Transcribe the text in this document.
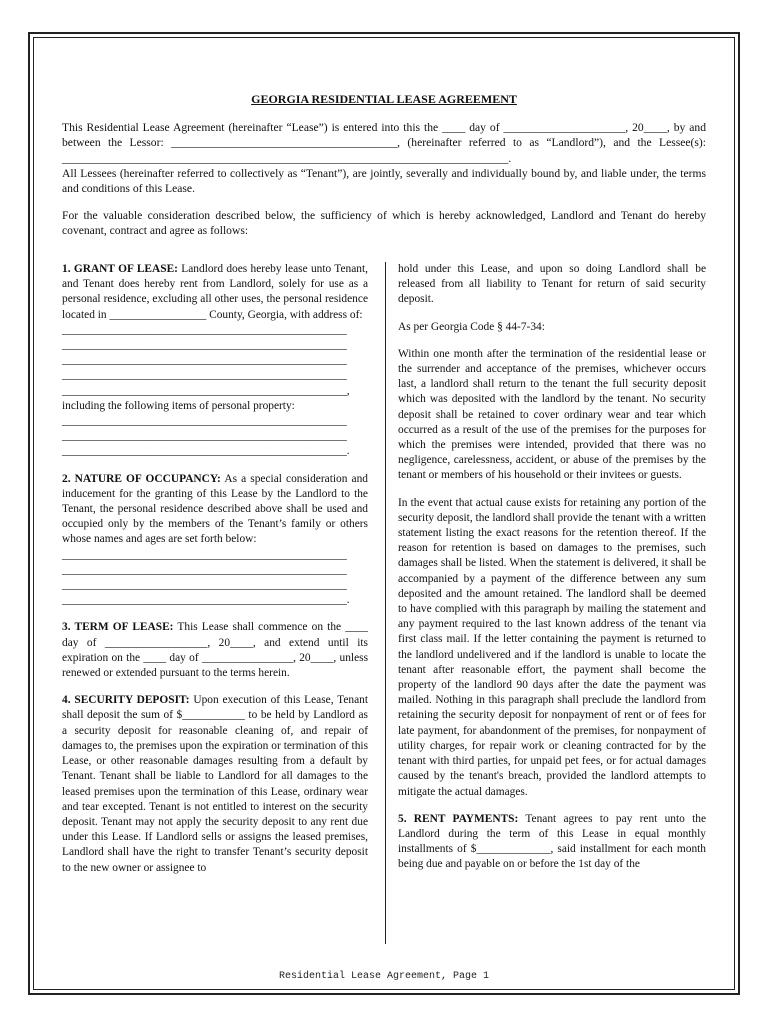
GEORGIA RESIDENTIAL LEASE AGREEMENT

This Residential Lease Agreement (hereinafter “Lease”) is entered into this the ____ day of _____________________, 20____, by and between the Lessor: _______________________________________, (hereinafter referred to as “Landlord”), and the Lessee(s): _____________________________________________________________________________.

All Lessees (hereinafter referred to collectively as “Tenant”), are jointly, severally and individually bound by, and liable under, the terms and conditions of this Lease.

For the valuable consideration described below, the sufficiency of which is hereby acknowledged, Landlord and Tenant do hereby covenant, contract and agree as follows:

1. GRANT OF LEASE: Landlord does hereby lease unto Tenant, and Tenant does hereby rent from Landlord, solely for use as a personal residence, excluding all other uses, the personal residence located in _________________ County, Georgia, with address of:
__________________________________________________
__________________________________________________
__________________________________________________
__________________________________________________
__________________________________________________,
including the following items of personal property:
__________________________________________________
__________________________________________________
__________________________________________________.

2. NATURE OF OCCUPANCY: As a special consideration and inducement for the granting of this Lease by the Landlord to the Tenant, the personal residence described above shall be used and occupied only by the members of the Tenant’s family or others whose names and ages are set forth below:
__________________________________________________
__________________________________________________
__________________________________________________
__________________________________________________.

3. TERM OF LEASE: This Lease shall commence on the ____ day of __________________, 20____, and extend until its expiration on the ____ day of ________________, 20____, unless renewed or extended pursuant to the terms herein.

4. SECURITY DEPOSIT: Upon execution of this Lease, Tenant shall deposit the sum of $___________ to be held by Landlord as a security deposit for reasonable cleaning of, and repair of damages to, the premises upon the expiration or termination of this Lease, or other reasonable damages resulting from a default by Tenant. Tenant shall be liable to Landlord for all damages to the leased premises upon the termination of this Lease, ordinary wear and tear excepted. Tenant is not entitled to interest on the security deposit. Tenant may not apply the security deposit to any rent due under this Lease. If Landlord sells or assigns the leased premises, Landlord shall have the right to transfer Tenant’s security deposit to the new owner or assignee to

hold under this Lease, and upon so doing Landlord shall be released from all liability to Tenant for return of said security deposit.

As per Georgia Code § 44-7-34:

Within one month after the termination of the residential lease or the surrender and acceptance of the premises, whichever occurs last, a landlord shall return to the tenant the full security deposit which was deposited with the landlord by the tenant. No security deposit shall be retained to cover ordinary wear and tear which occurred as a result of the use of the premises for the purposes for which the premises were intended, provided that there was no negligence, carelessness, accident, or abuse of the premises by the tenant or members of his household or their invitees or guests.

In the event that actual cause exists for retaining any portion of the security deposit, the landlord shall provide the tenant with a written statement listing the exact reasons for the retention thereof. If the reason for retention is based on damages to the premises, such damages shall be listed. When the statement is delivered, it shall be accompanied by a payment of the difference between any sum deposited and the amount retained. The landlord shall be deemed to have complied with this paragraph by mailing the statement and any payment required to the last known address of the tenant via first class mail. If the letter containing the payment is returned to the landlord undelivered and if the landlord is unable to locate the tenant after reasonable effort, the payment shall become the property of the landlord 90 days after the date the payment was mailed. Nothing in this paragraph shall preclude the landlord from retaining the security deposit for nonpayment of rent or of fees for late payment, for abandonment of the premises, for nonpayment of utility charges, for repair work or cleaning contracted for by the tenant with third parties, for unpaid pet fees, or for actual damages caused by the tenant's breach, provided the landlord attempts to mitigate the actual damages.

5. RENT PAYMENTS: Tenant agrees to pay rent unto the Landlord during the term of this Lease in equal monthly installments of $_____________, said installment for each month being due and payable on or before the 1st day of the

Residential Lease Agreement, Page 1
